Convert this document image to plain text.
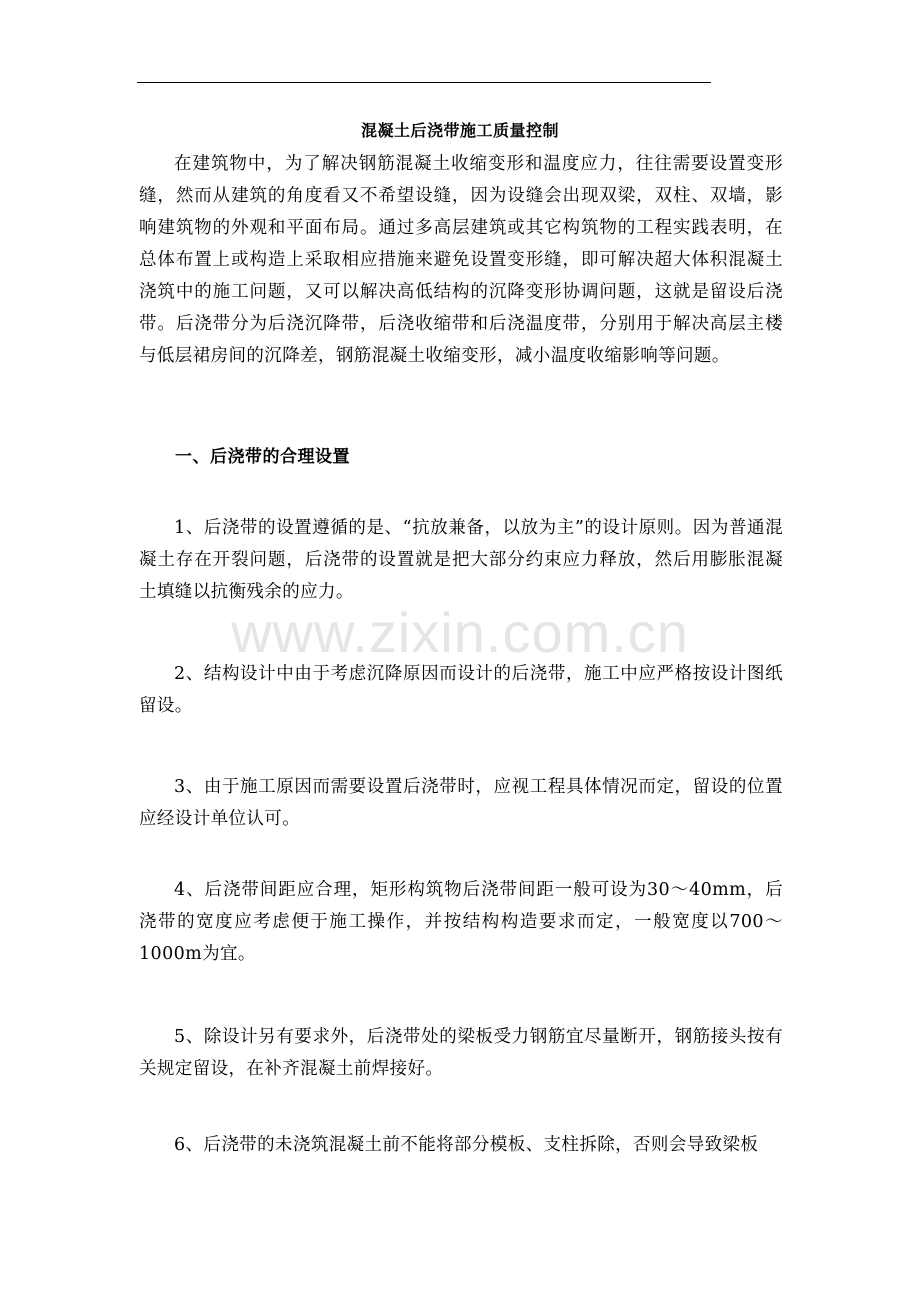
混凝土后浇带施工质量控制

在建筑物中，为了解决钢筋混凝土收缩变形和温度应力，往往需要设置变形缝，然而从建筑的角度看又不希望设缝，因为设缝会出现双梁，双柱、双墙，影响建筑物的外观和平面布局。通过多高层建筑或其它构筑物的工程实践表明，在总体布置上或构造上采取相应措施来避免设置变形缝，即可解决超大体积混凝土浇筑中的施工问题，又可以解决高低结构的沉降变形协调问题，这就是留设后浇带。后浇带分为后浇沉降带，后浇收缩带和后浇温度带，分别用于解决高层主楼与低层裙房间的沉降差，钢筋混凝土收缩变形，减小温度收缩影响等问题。

一、后浇带的合理设置

1、后浇带的设置遵循的是、“抗放兼备，以放为主”的设计原则。因为普通混凝土存在开裂问题，后浇带的设置就是把大部分约束应力释放，然后用膨胀混凝土填缝以抗衡残余的应力。

2、结构设计中由于考虑沉降原因而设计的后浇带，施工中应严格按设计图纸留设。

3、由于施工原因而需要设置后浇带时，应视工程具体情况而定，留设的位置应经设计单位认可。

4、后浇带间距应合理，矩形构筑物后浇带间距一般可设为30～40mm，后浇带的宽度应考虑便于施工操作，并按结构构造要求而定，一般宽度以700～1000m为宜。

5、除设计另有要求外，后浇带处的梁板受力钢筋宜尽量断开，钢筋接头按有关规定留设，在补齐混凝土前焊接好。

6、后浇带的未浇筑混凝土前不能将部分模板、支柱拆除，否则会导致梁板

www.zixin.com.cn
